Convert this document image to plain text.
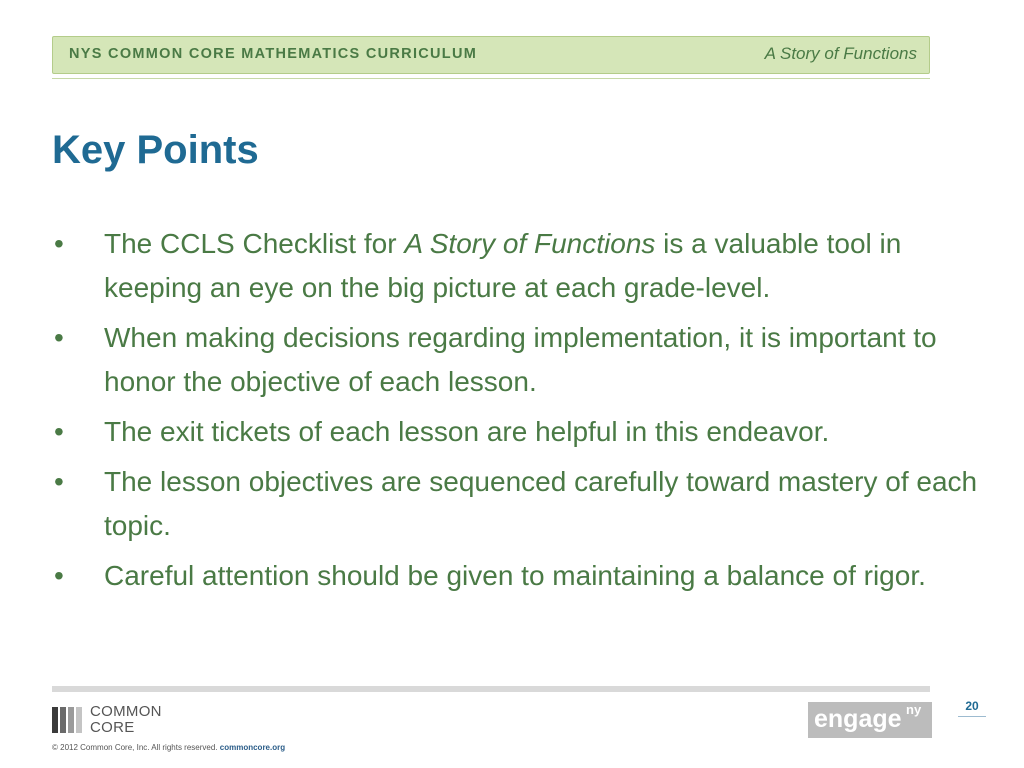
NYS COMMON CORE MATHEMATICS CURRICULUM	A Story of Functions
Key Points
• The CCLS Checklist for A Story of Functions is a valuable tool in keeping an eye on the big picture at each grade-level.
• When making decisions regarding implementation, it is important to honor the objective of each lesson.
• The exit tickets of each lesson are helpful in this endeavor.
• The lesson objectives are sequenced carefully toward mastery of each topic.
• Careful attention should be given to maintaining a balance of rigor.
COMMON
CORE
© 2012 Common Core, Inc. All rights reserved. commoncore.org
engage ny	20
